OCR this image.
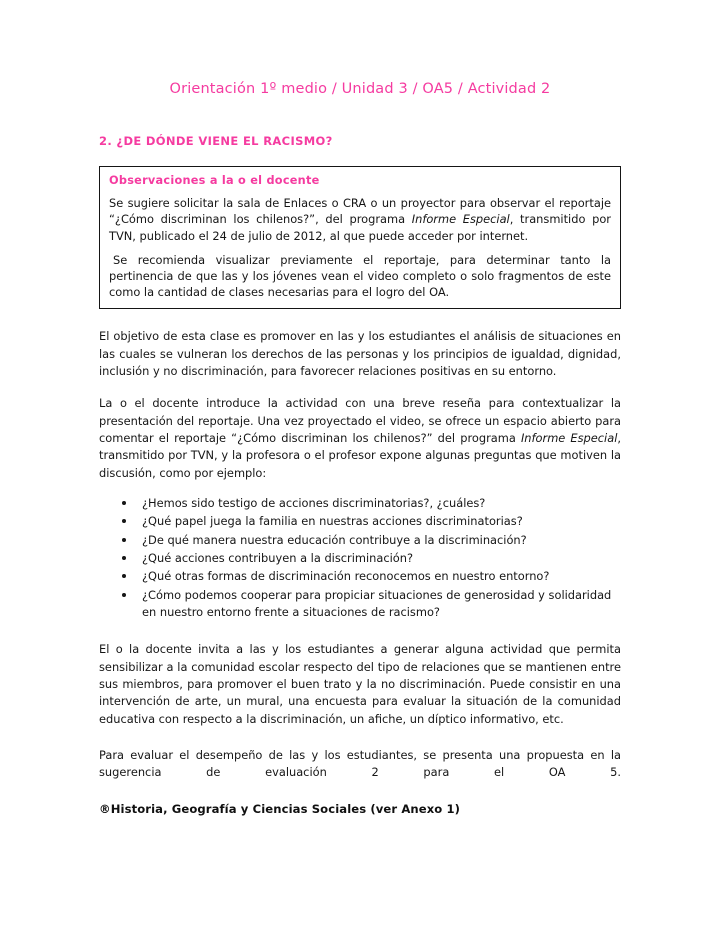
Orientación 1º medio / Unidad 3 / OA5 / Actividad 2
2. ¿DE DÓNDE VIENE EL RACISMO?

Observaciones a la o el docente

Se sugiere solicitar la sala de Enlaces o CRA o un proyector para observar el reportaje “¿Cómo discriminan los chilenos?”, del programa Informe Especial, transmitido por TVN, publicado el 24 de julio de 2012, al que puede acceder por internet.

Se recomienda visualizar previamente el reportaje, para determinar tanto la pertinencia de que las y los jóvenes vean el video completo o solo fragmentos de este como la cantidad de clases necesarias para el logro del OA.

El objetivo de esta clase es promover en las y los estudiantes el análisis de situaciones en las cuales se vulneran los derechos de las personas y los principios de igualdad, dignidad, inclusión y no discriminación, para favorecer relaciones positivas en su entorno.

La o el docente introduce la actividad con una breve reseña para contextualizar la presentación del reportaje. Una vez proyectado el video, se ofrece un espacio abierto para comentar el reportaje “¿Cómo discriminan los chilenos?” del programa Informe Especial, transmitido por TVN, y la profesora o el profesor expone algunas preguntas que motiven la discusión, como por ejemplo:

¿Hemos sido testigo de acciones discriminatorias?, ¿cuáles?
¿Qué papel juega la familia en nuestras acciones discriminatorias?
¿De qué manera nuestra educación contribuye a la discriminación?
¿Qué acciones contribuyen a la discriminación?
¿Qué otras formas de discriminación reconocemos en nuestro entorno?
¿Cómo podemos cooperar para propiciar situaciones de generosidad y solidaridad en nuestro entorno frente a situaciones de racismo?

El o la docente invita a las y los estudiantes a generar alguna actividad que permita sensibilizar a la comunidad escolar respecto del tipo de relaciones que se mantienen entre sus miembros, para promover el buen trato y la no discriminación. Puede consistir en una intervención de arte, un mural, una encuesta para evaluar la situación de la comunidad educativa con respecto a la discriminación, un afiche, un díptico informativo, etc.

Para evaluar el desempeño de las y los estudiantes, se presenta una propuesta en la sugerencia de evaluación 2 para el OA 5.

®Historia, Geografía y Ciencias Sociales (ver Anexo 1)
